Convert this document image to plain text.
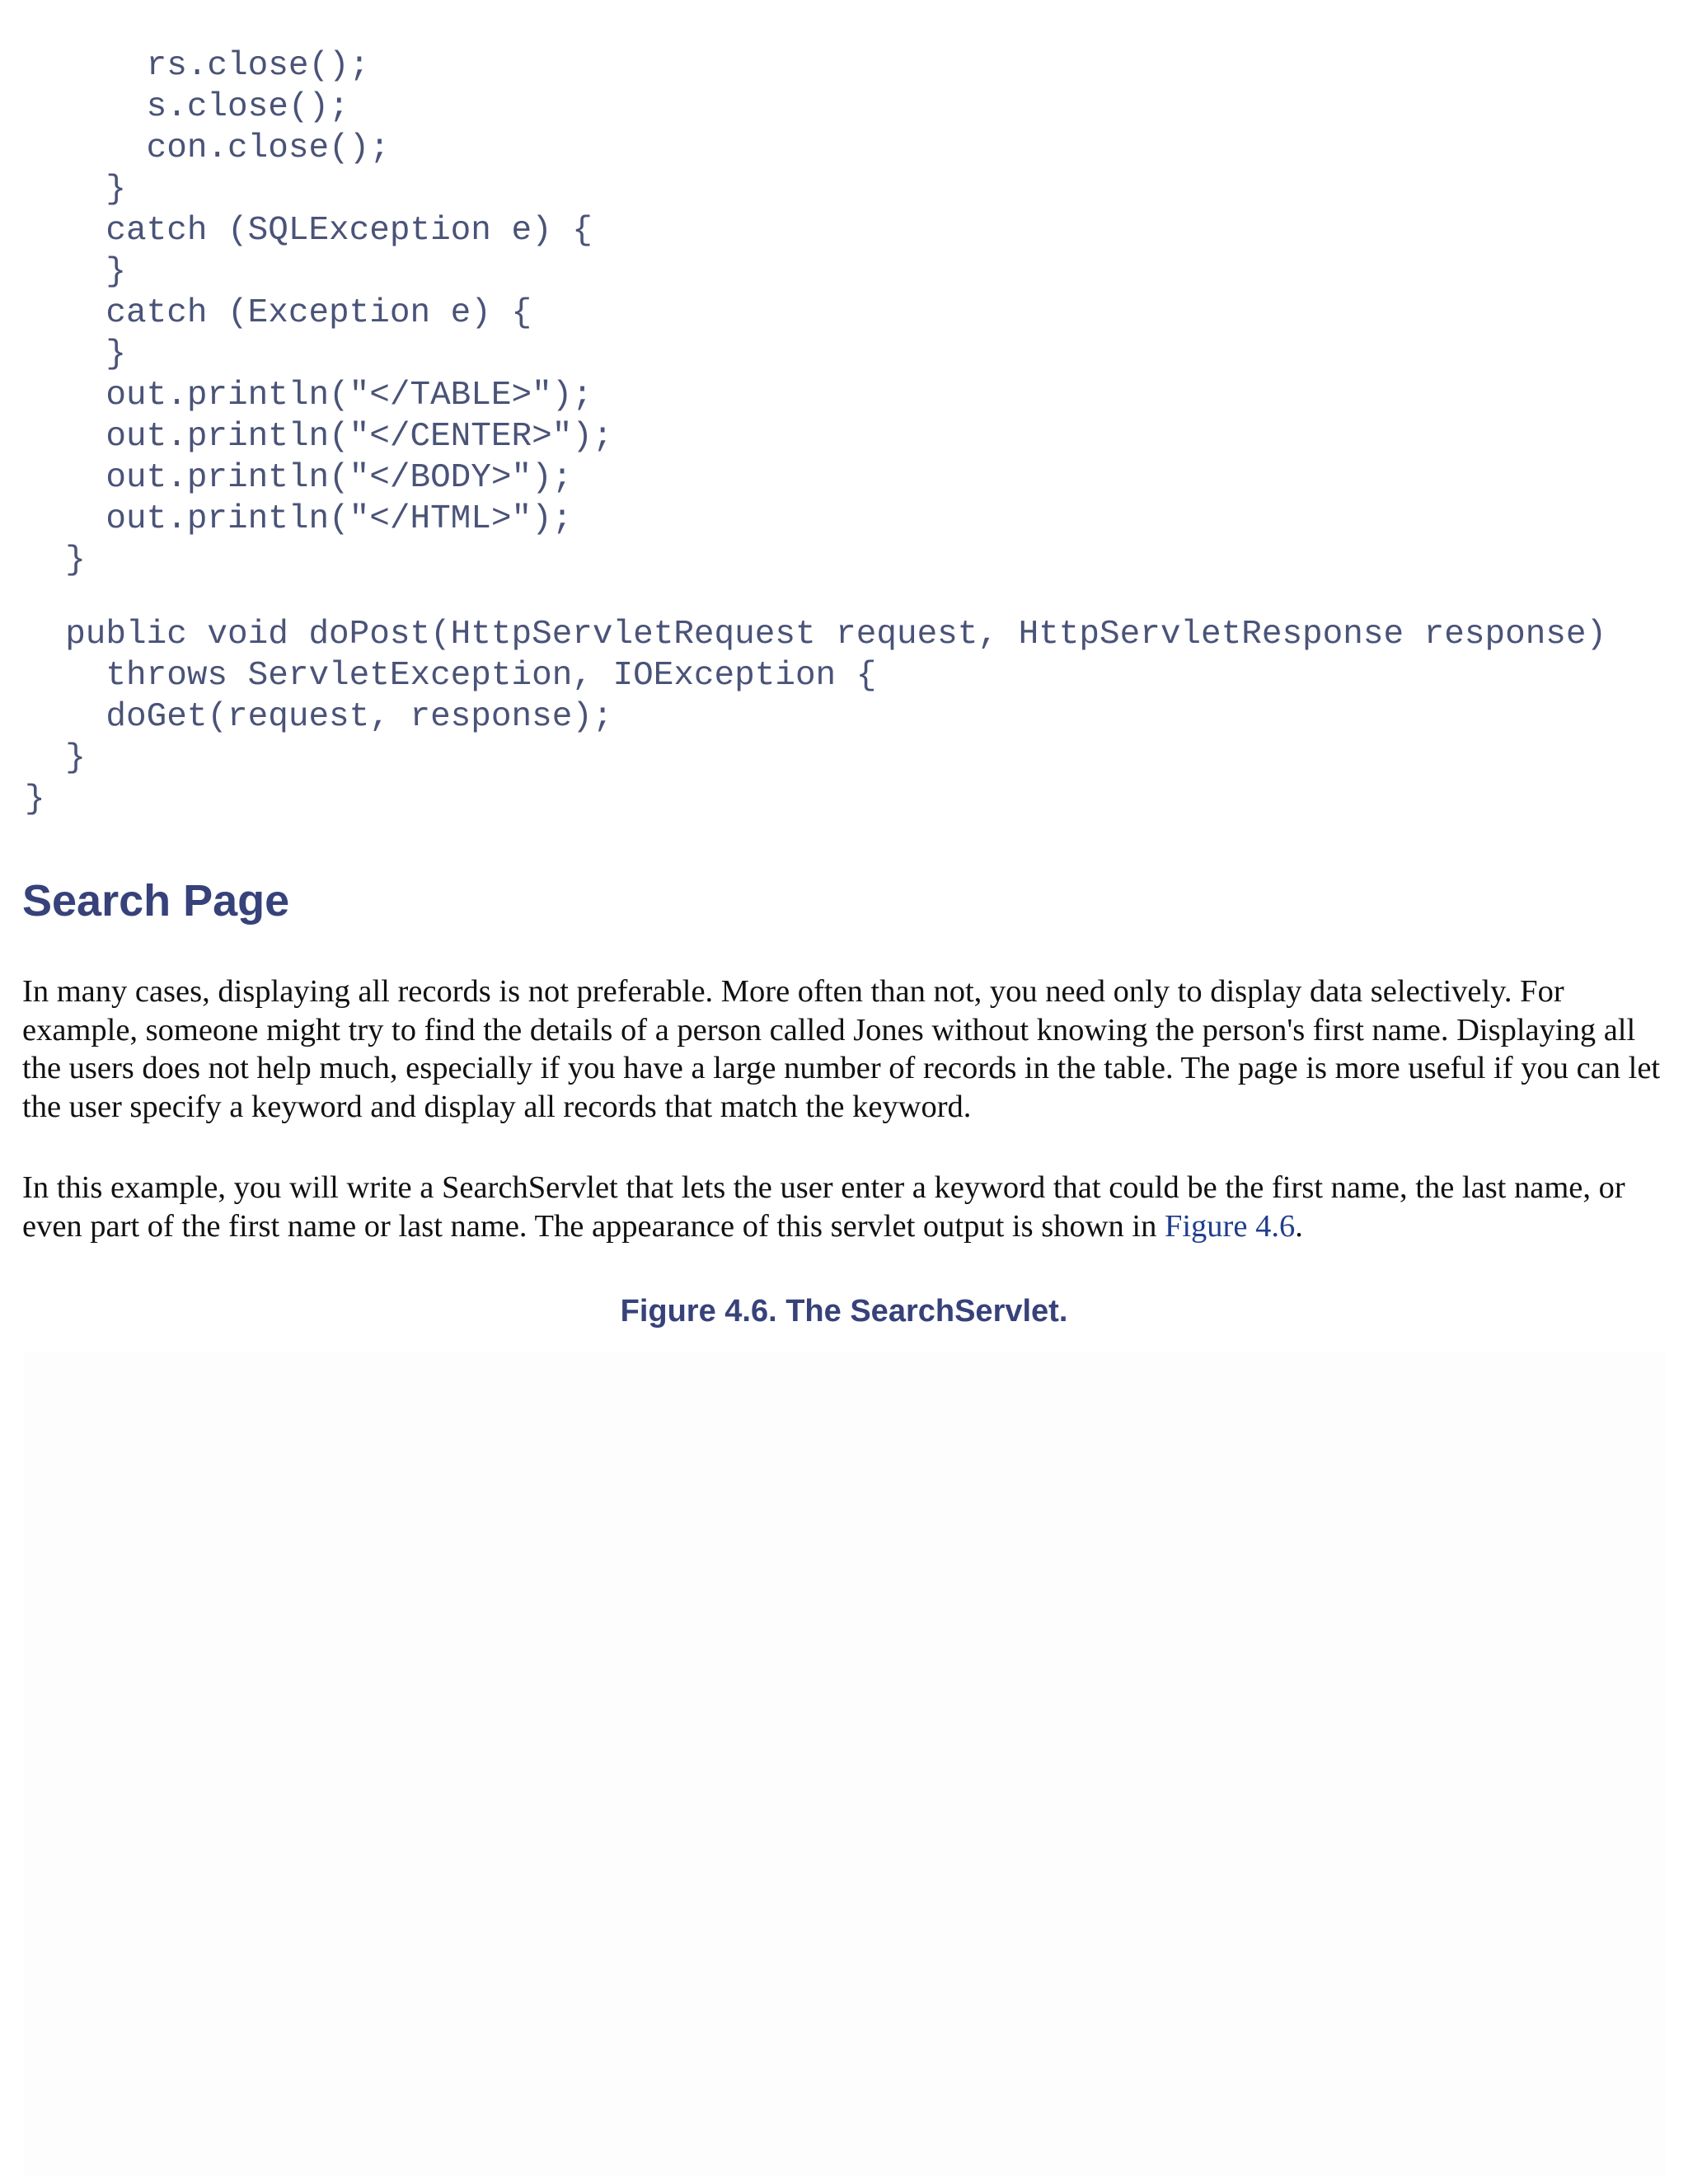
rs.close();
s.close();
con.close();
}
catch (SQLException e) {
}
catch (Exception e) {
}
out.println("</TABLE>");
out.println("</CENTER>");
out.println("</BODY>");
out.println("</HTML>");
}
public void doPost(HttpServletRequest request, HttpServletResponse response)
throws ServletException, IOException {
doGet(request, response);
}
}
Search Page

In many cases, displaying all records is not preferable. More often than not, you need only to display data selectively. For example, someone might try to find the details of a person called Jones without knowing the person's first name. Displaying all the users does not help much, especially if you have a large number of records in the table. The page is more useful if you can let the user specify a keyword and display all records that match the keyword.

In this example, you will write a SearchServlet that lets the user enter a keyword that could be the first name, the last name, or even part of the first name or last name. The appearance of this servlet output is shown in Figure 4.6.

Figure 4.6. The SearchServlet.
